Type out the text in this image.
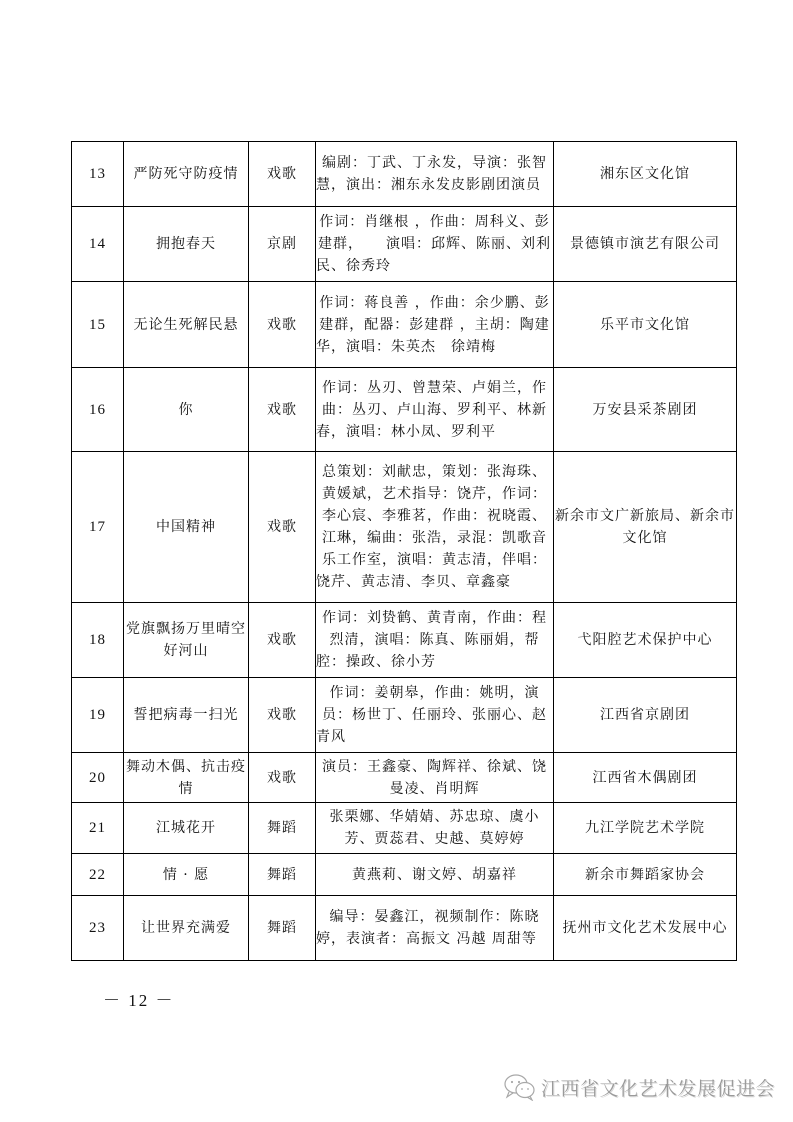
13	严防死守防疫情	戏歌	编剧：丁武、丁永发，导演：张智慧，演出：湘东永发皮影剧团演员	湘东区文化馆
14	拥抱春天	京剧	作词：肖继根 ，作曲：周科义、彭建群，　　演唱：邱辉、陈丽、刘利民、徐秀玲	景德镇市演艺有限公司
15	无论生死解民悬	戏歌	作词：蒋良善 ，作曲：余少鹏、彭建群，配器：彭建群 ，主胡：陶建华，演唱：朱英杰　徐靖梅	乐平市文化馆
16	你	戏歌	作词：丛刃、曾慧荣、卢娟兰，作曲：丛刃、卢山海、罗利平、林新春，演唱：林小凤、罗利平	万安县采茶剧团
17	中国精神	戏歌	总策划：刘献忠，策划：张海珠、黄媛斌，艺术指导：饶芹，作词：李心宸、李雅茗，作曲：祝晓霞、江琳，编曲：张浩，录混：凯歌音乐工作室，演唱：黄志清，伴唱：饶芹、黄志清、李贝、章鑫豪	新余市文广新旅局、新余市文化馆
18	党旗飘扬万里晴空好河山	戏歌	作词：刘贽鹤、黄青南，作曲：程烈清，演唱：陈真、陈丽娟，帮腔：操政、徐小芳	弋阳腔艺术保护中心
19	誓把病毒一扫光	戏歌	作词：姜朝皋，作曲：姚明，演员：杨世丁、任丽玲、张丽心、赵青风	江西省京剧团
20	舞动木偶、抗击疫情	戏歌	演员：王鑫豪、陶辉祥、徐斌、饶曼凌、肖明辉	江西省木偶剧团
21	江城花开	舞蹈	张栗娜、华婧婧、苏忠琼、虞小芳、贾蕊君、史越、莫婷婷	九江学院艺术学院
22	情 · 愿	舞蹈	黄燕莉、谢文婷、胡嘉祥	新余市舞蹈家协会
23	让世界充满爱	舞蹈	编导：晏鑫江，视频制作：陈晓婷，表演者：高振文 冯越 周甜等	抚州市文化艺术发展中心
－ 12 －
江西省文化艺术发展促进会
